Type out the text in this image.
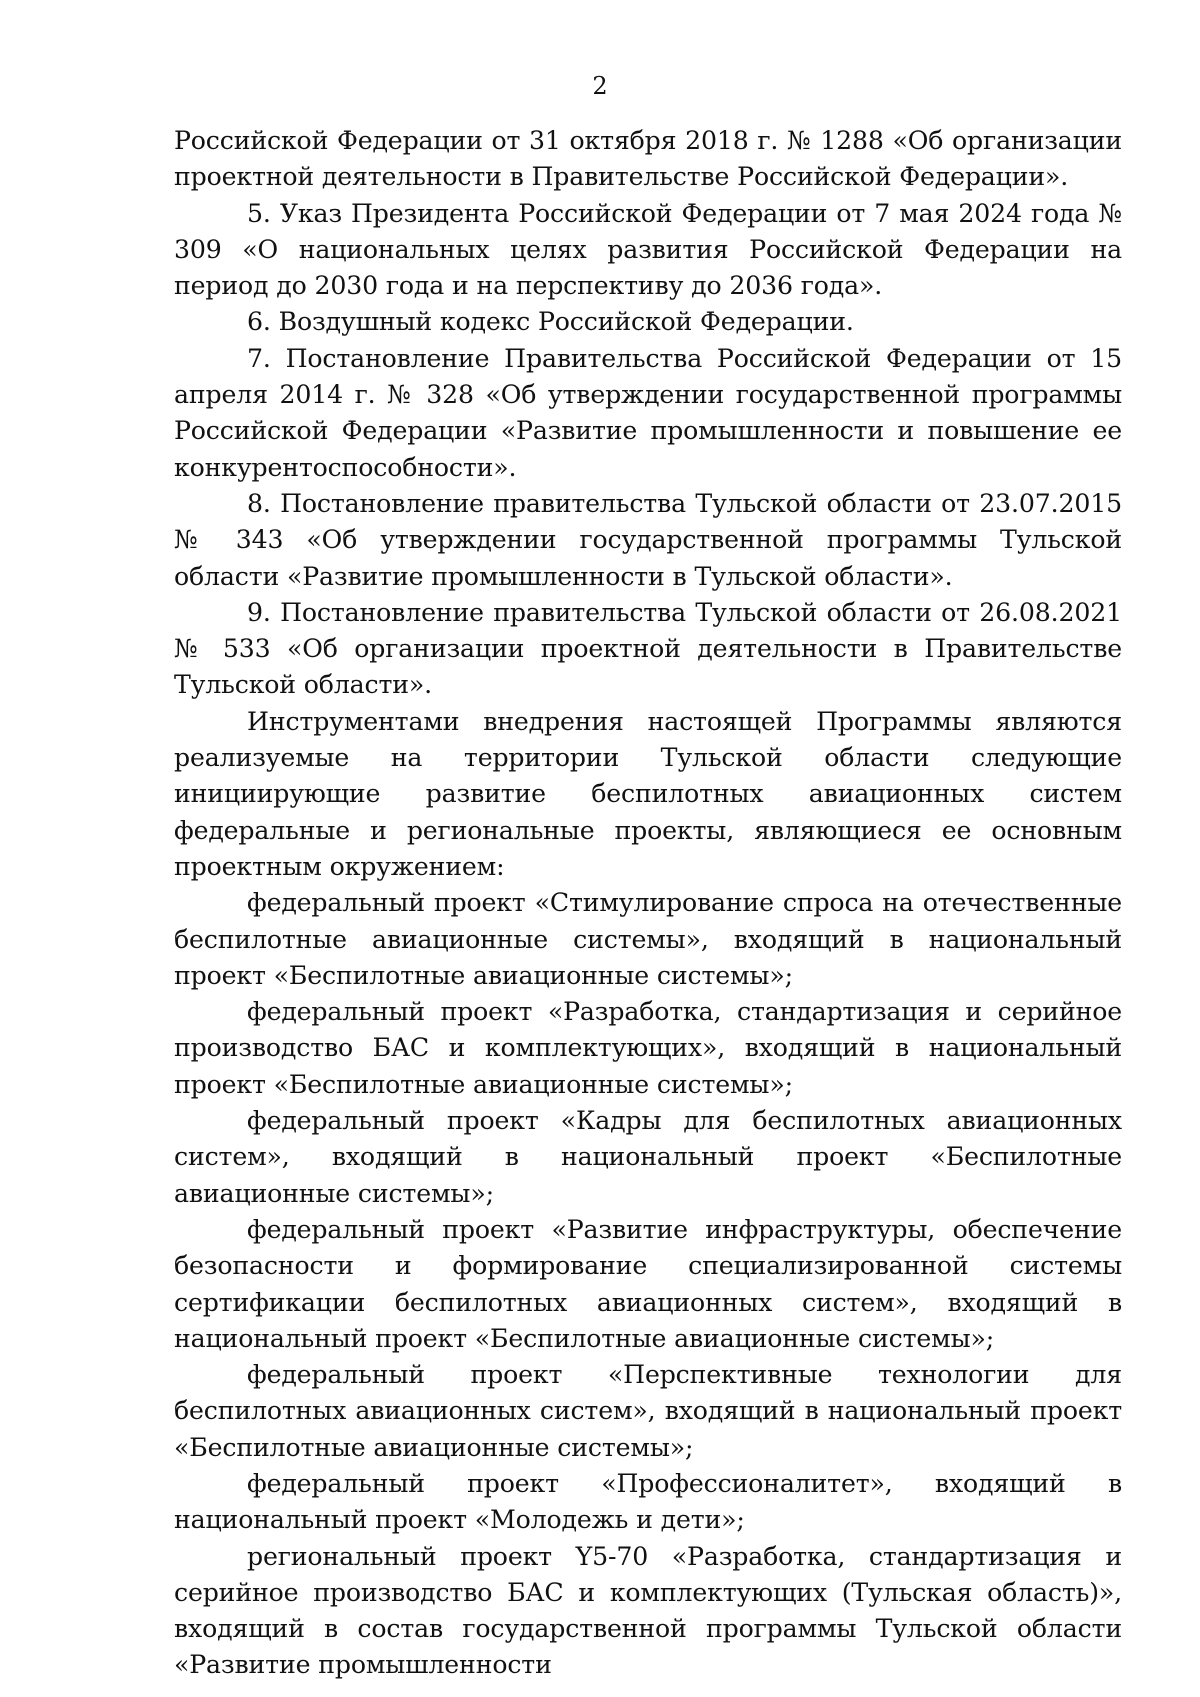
2

Российской Федерации от 31 октября 2018 г. № 1288 «Об организации проектной деятельности в Правительстве Российской Федерации».

5. Указ Президента Российской Федерации от 7 мая 2024 года № 309 «О национальных целях развития Российской Федерации на период до 2030 года и на перспективу до 2036 года».

6. Воздушный кодекс Российской Федерации.

7. Постановление Правительства Российской Федерации от 15 апреля 2014 г. № 328 «Об утверждении государственной программы Российской Федерации «Развитие промышленности и повышение ее конкурентоспособности».

8. Постановление правительства Тульской области от 23.07.2015 № 343 «Об утверждении государственной программы Тульской области «Развитие промышленности в Тульской области».

9. Постановление правительства Тульской области от 26.08.2021 № 533 «Об организации проектной деятельности в Правительстве Тульской области».

Инструментами внедрения настоящей Программы являются реализуемые на территории Тульской области следующие инициирующие развитие беспилотных авиационных систем федеральные и региональные проекты, являющиеся ее основным проектным окружением:

федеральный проект «Стимулирование спроса на отечественные беспилотные авиационные системы», входящий в национальный проект «Беспилотные авиационные системы»;

федеральный проект «Разработка, стандартизация и серийное производство БАС и комплектующих», входящий в национальный проект «Беспилотные авиационные системы»;

федеральный проект «Кадры для беспилотных авиационных систем», входящий в национальный проект «Беспилотные авиационные системы»;

федеральный проект «Развитие инфраструктуры, обеспечение безопасности и формирование специализированной системы сертификации беспилотных авиационных систем», входящий в национальный проект «Беспилотные авиационные системы»;

федеральный проект «Перспективные технологии для беспилотных авиационных систем», входящий в национальный проект «Беспилотные авиационные системы»;

федеральный проект «Профессионалитет», входящий в национальный проект «Молодежь и дети»;

региональный проект Y5-70 «Разработка, стандартизация и серийное производство БАС и комплектующих (Тульская область)», входящий в состав государственной программы Тульской области «Развитие промышленности
